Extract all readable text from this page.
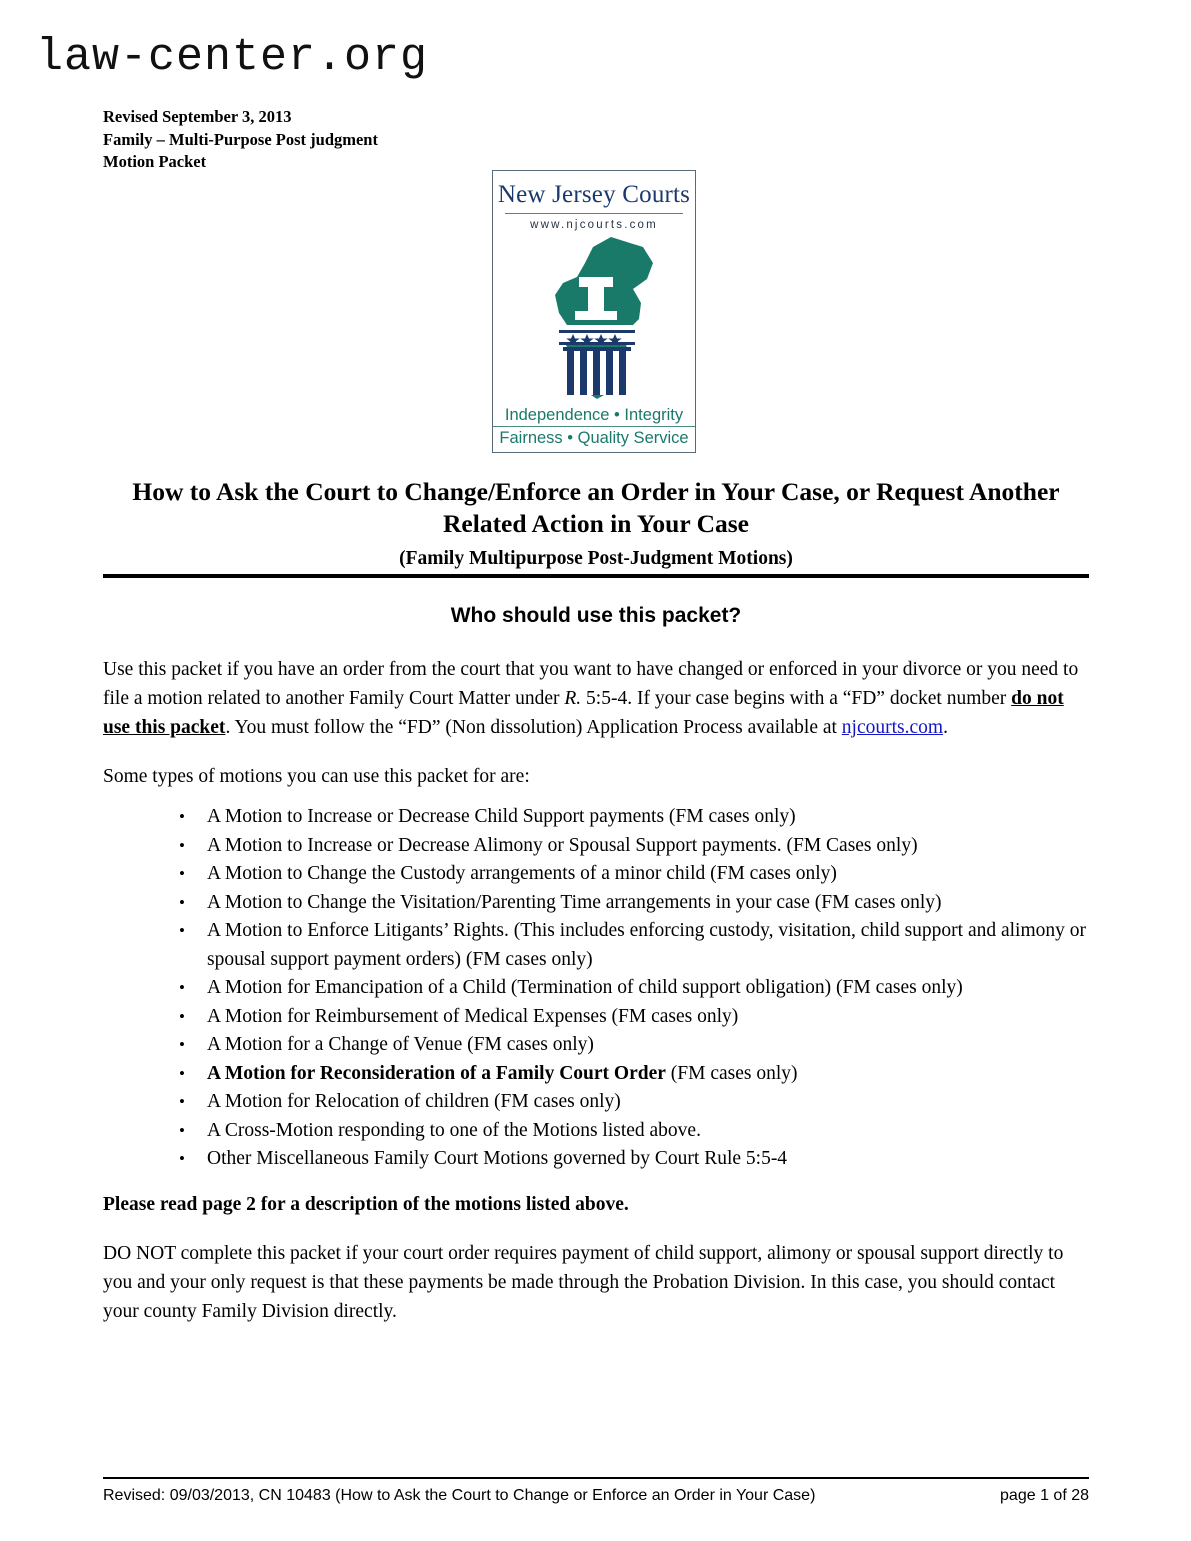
law-center.org
Revised September 3, 2013
Family – Multi-Purpose Post judgment
Motion Packet
New Jersey Courts
www.njcourts.com
Independence • Integrity
Fairness • Quality Service
How to Ask the Court to Change/Enforce an Order in Your Case, or Request Another Related Action in Your Case
(Family Multipurpose Post-Judgment Motions)
Who should use this packet?

Use this packet if you have an order from the court that you want to have changed or enforced in your divorce or you need to file a motion related to another Family Court Matter under R. 5:5-4. If your case begins with a “FD” docket number do not use this packet. You must follow the “FD” (Non dissolution) Application Process available at njcourts.com.

Some types of motions you can use this packet for are:

• A Motion to Increase or Decrease Child Support payments (FM cases only)
• A Motion to Increase or Decrease Alimony or Spousal Support payments. (FM Cases only)
• A Motion to Change the Custody arrangements of a minor child (FM cases only)
• A Motion to Change the Visitation/Parenting Time arrangements in your case (FM cases only)
• A Motion to Enforce Litigants’ Rights. (This includes enforcing custody, visitation, child support and alimony or spousal support payment orders) (FM cases only)
• A Motion for Emancipation of a Child (Termination of child support obligation) (FM cases only)
• A Motion for Reimbursement of Medical Expenses (FM cases only)
• A Motion for a Change of Venue (FM cases only)
• A Motion for Reconsideration of a Family Court Order (FM cases only)
• A Motion for Relocation of children (FM cases only)
• A Cross-Motion responding to one of the Motions listed above.
• Other Miscellaneous Family Court Motions governed by Court Rule 5:5-4

Please read page 2 for a description of the motions listed above.

DO NOT complete this packet if your court order requires payment of child support, alimony or spousal support directly to you and your only request is that these payments be made through the Probation Division. In this case, you should contact your county Family Division directly.

Revised: 09/03/2013, CN 10483 (How to Ask the Court to Change or Enforce an Order in Your Case)	page 1 of 28
